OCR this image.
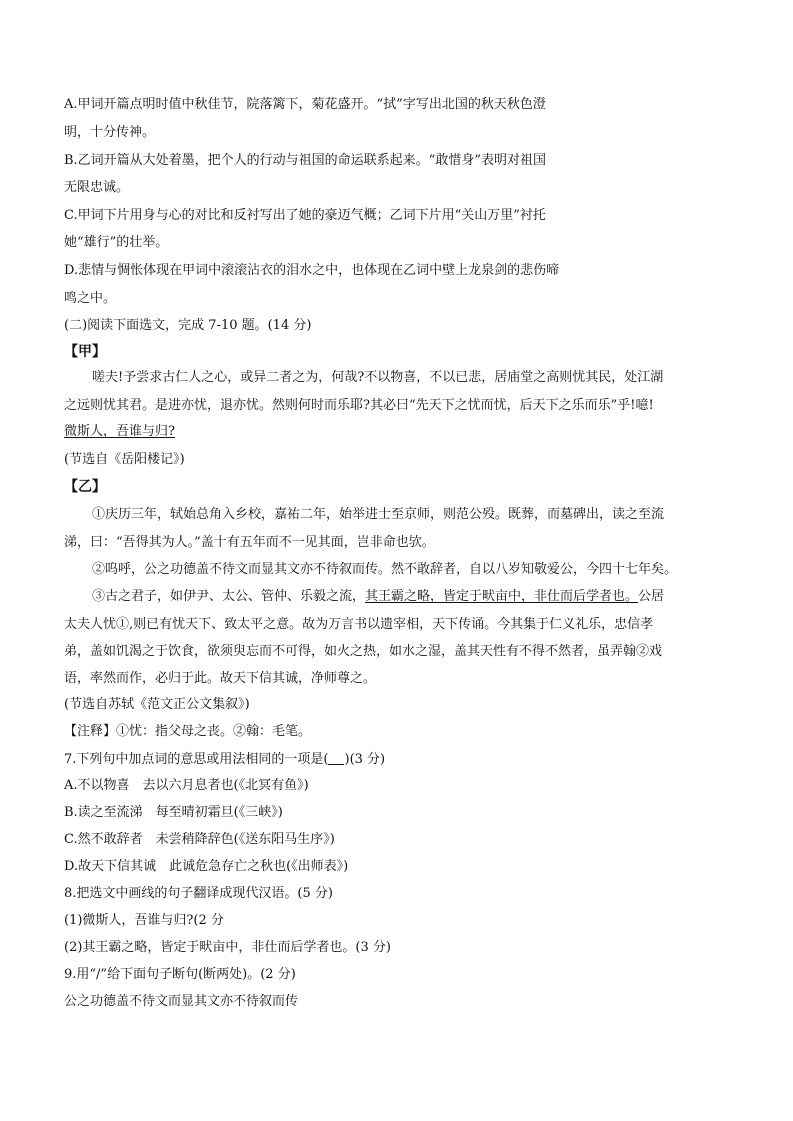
A.甲词开篇点明时值中秋佳节，院落篱下，菊花盛开。“拭”字写出北国的秋天秋色澄
明，十分传神。
B.乙词开篇从大处着墨，把个人的行动与祖国的命运联系起来。“敢惜身”表明对祖国
无限忠诚。
C.甲词下片用身与心的对比和反衬写出了她的豪迈气概；乙词下片用“关山万里”衬托
她“雄行”的壮举。
D.悲情与惆怅体现在甲词中滚滚沾衣的泪水之中，也体现在乙词中壁上龙泉剑的悲伤啼
鸣之中。
(二)阅读下面选文，完成 7-10 题。(14 分)
【甲】
嗟夫!予尝求古仁人之心，或异二者之为，何哉?不以物喜，不以已悲，居庙堂之高则忧其民，处江湖
之远则忧其君。是进亦忧，退亦忧。然则何时而乐耶?其必曰“先天下之忧而忧，后天下之乐而乐”乎!噫!
微斯人，吾谁与归?
(节选自《岳阳楼记》)
【乙】
①庆历三年，轼始总角入乡校，嘉祐二年，始举进士至京师，则范公殁。既葬，而墓碑出，读之至流
涕，曰：“吾得其为人。”盖十有五年而不一见其面，岂非命也欤。
②呜呼，公之功德盖不待文而显其文亦不待叙而传。然不敢辞者，自以八岁知敬爱公，今四十七年矣。
③古之君子，如伊尹、太公、管仲、乐毅之流，其王霸之略，皆定于畎亩中，非仕而后学者也。公居
太夫人忧①,则已有忧天下、致太平之意。故为万言书以遗宰相，天下传诵。今其集于仁义礼乐，忠信孝
弟，盖如饥渴之于饮食，欲须臾忘而不可得，如火之热，如水之湿，盖其天性有不得不然者，虽弄翰②戏
语，率然而作，必归于此。故天下信其诚，净师尊之。
(节选自苏轼《范文正公文集叙》)
【注释】①忧：指父母之丧。②翰：毛笔。
7.下列句中加点词的意思或用法相同的一项是( )(3 分)
A.不以物喜　去以六月息者也(《北冥有鱼》)
B.读之至流涕　每至晴初霜旦(《三峡》)
C.然不敢辞者　未尝稍降辞色(《送东阳马生序》)
D.故天下信其诚　此诚危急存亡之秋也(《出师表》)
8.把选文中画线的句子翻译成现代汉语。(5 分)
(1)微斯人，吾谁与归?(2 分
(2)其王霸之略，皆定于畎亩中，非仕而后学者也。(3 分)
9.用“/”给下面句子断句(断两处)。(2 分)
公之功德盖不待文而显其文亦不待叙而传
